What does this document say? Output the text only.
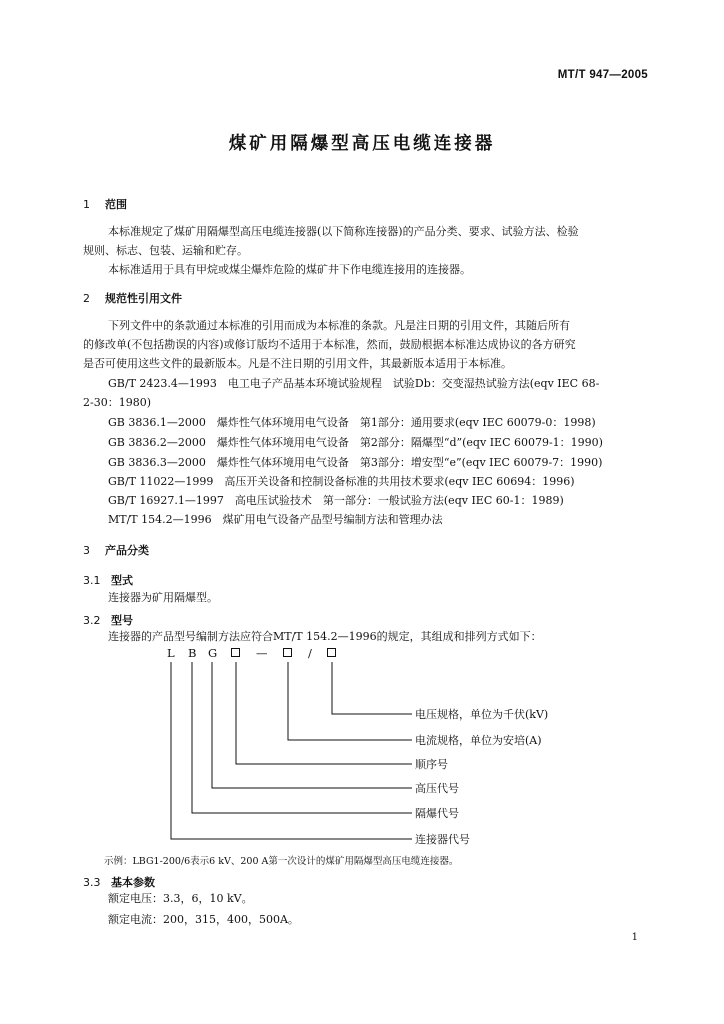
MT/T 947—2005
煤矿用隔爆型高压电缆连接器
1 范围
本标准规定了煤矿用隔爆型高压电缆连接器(以下简称连接器)的产品分类、要求、试验方法、检验
规则、标志、包装、运输和贮存。
本标准适用于具有甲烷或煤尘爆炸危险的煤矿井下作电缆连接用的连接器。
2 规范性引用文件
下列文件中的条款通过本标准的引用而成为本标准的条款。凡是注日期的引用文件，其随后所有
的修改单(不包括勘误的内容)或修订版均不适用于本标准，然而，鼓励根据本标准达成协议的各方研究
是否可使用这些文件的最新版本。凡是不注日期的引用文件，其最新版本适用于本标准。
GB/T 2423.4—1993　电工电子产品基本环境试验规程　试验Db：交变湿热试验方法(eqv IEC 68-
2-30：1980)
GB 3836.1—2000　爆炸性气体环境用电气设备　第1部分：通用要求(eqv IEC 60079-0：1998)
GB 3836.2—2000　爆炸性气体环境用电气设备　第2部分：隔爆型“d”(eqv IEC 60079-1：1990)
GB 3836.3—2000　爆炸性气体环境用电气设备　第3部分：增安型“e”(eqv IEC 60079-7：1990)
GB/T 11022—1999　高压开关设备和控制设备标准的共用技术要求(eqv IEC 60694：1996)
GB/T 16927.1—1997　高电压试验技术　第一部分：一般试验方法(eqv IEC 60-1：1989)
MT/T 154.2—1996　煤矿用电气设备产品型号编制方法和管理办法
3 产品分类
3.1 型式
连接器为矿用隔爆型。
3.2 型号
连接器的产品型号编制方法应符合MT/T 154.2—1996的规定，其组成和排列方式如下：
L B G	—	/
电压规格，单位为千伏(kV)
电流规格，单位为安培(A)
顺序号
高压代号
隔爆代号
连接器代号
示例：LBG1-200/6表示6 kV、200 A第一次设计的煤矿用隔爆型高压电缆连接器。
3.3 基本参数
额定电压：3.3，6，10 kV。
额定电流：200，315，400，500A。
1
